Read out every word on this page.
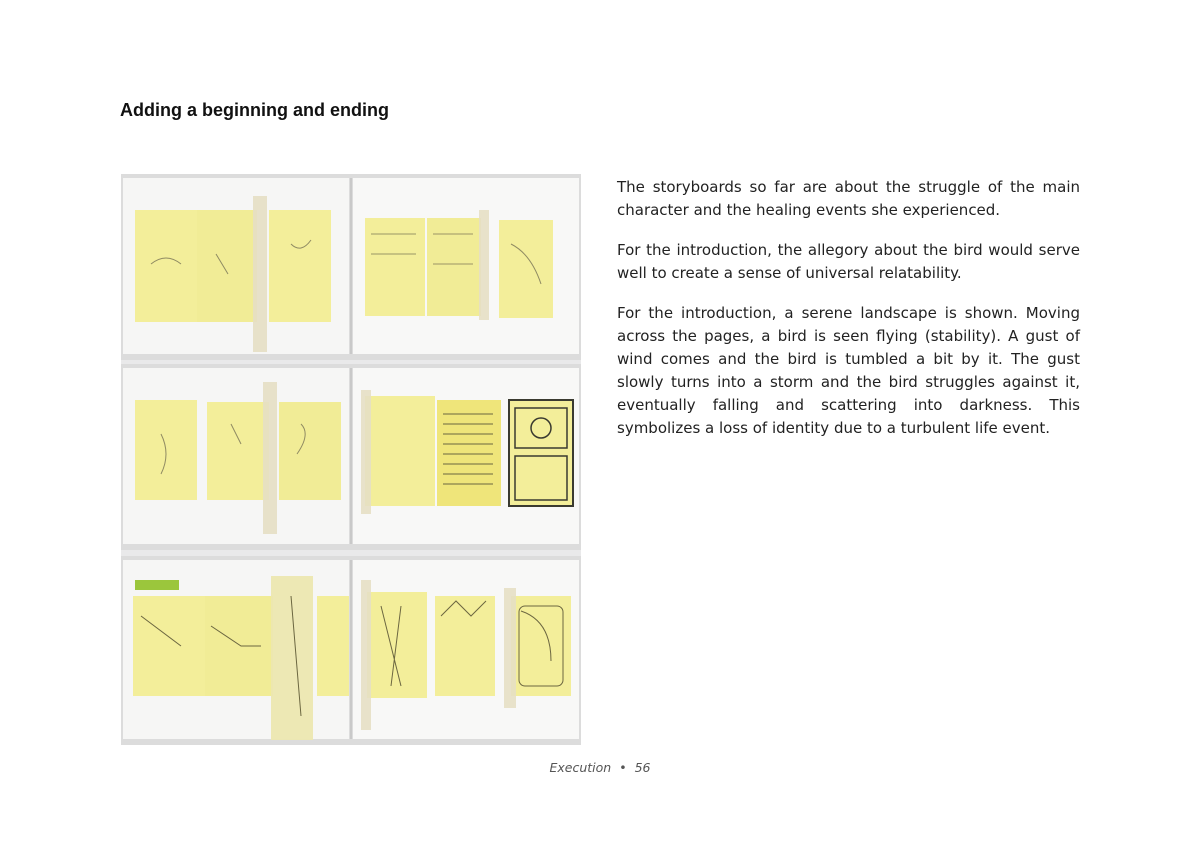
Adding a beginning and ending

The storyboards so far are about the struggle of the main character and the healing events she experienced.

For the introduction, the allegory about the bird would serve well to create a sense of universal relatability.

For the introduction, a serene landscape is shown. Moving across the pages, a bird is seen flying (stability). A gust of wind comes and the bird is tumbled a bit by it. The gust slowly turns into a storm and the bird struggles against it, eventually falling and scattering into darkness. This symbolizes a loss of identity due to a turbulent life event.

Execution • 56
